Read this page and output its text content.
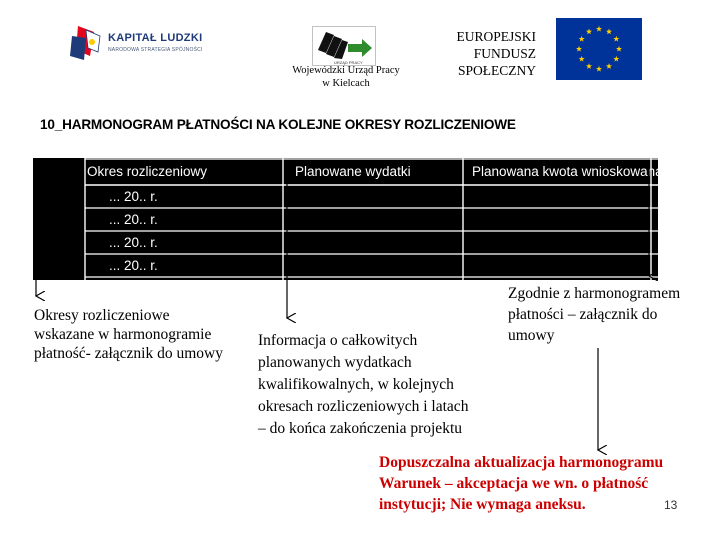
KAPITAŁ LUDZKI
NARODOWA STRATEGIA SPÓJNOŚCI
URZĄD PRACY
Wojewódzki Urząd Pracy
w Kielcach
EUROPEJSKI
FUNDUSZ
SPOŁECZNY
10_HARMONOGRAM PŁATNOŚCI NA KOLEJNE OKRESY ROZLICZENIOWE
Okres rozliczeniowy	Planowane wydatki	Planowana kwota wnioskowana
... 20.. r.
... 20.. r.
... 20.. r.
... 20.. r.
Okresy rozliczeniowe
wskazane w harmonogramie
płatność- załącznik do umowy
Informacja o całkowitych
planowanych wydatkach
kwalifikowalnych, w kolejnych
okresach rozliczeniowych i latach
– do końca zakończenia projektu
Zgodnie z harmonogramem
płatności – załącznik do
umowy
Dopuszczalna aktualizacja harmonogramu
Warunek – akceptacja we wn. o płatność
instytucji; Nie wymaga aneksu.	13
